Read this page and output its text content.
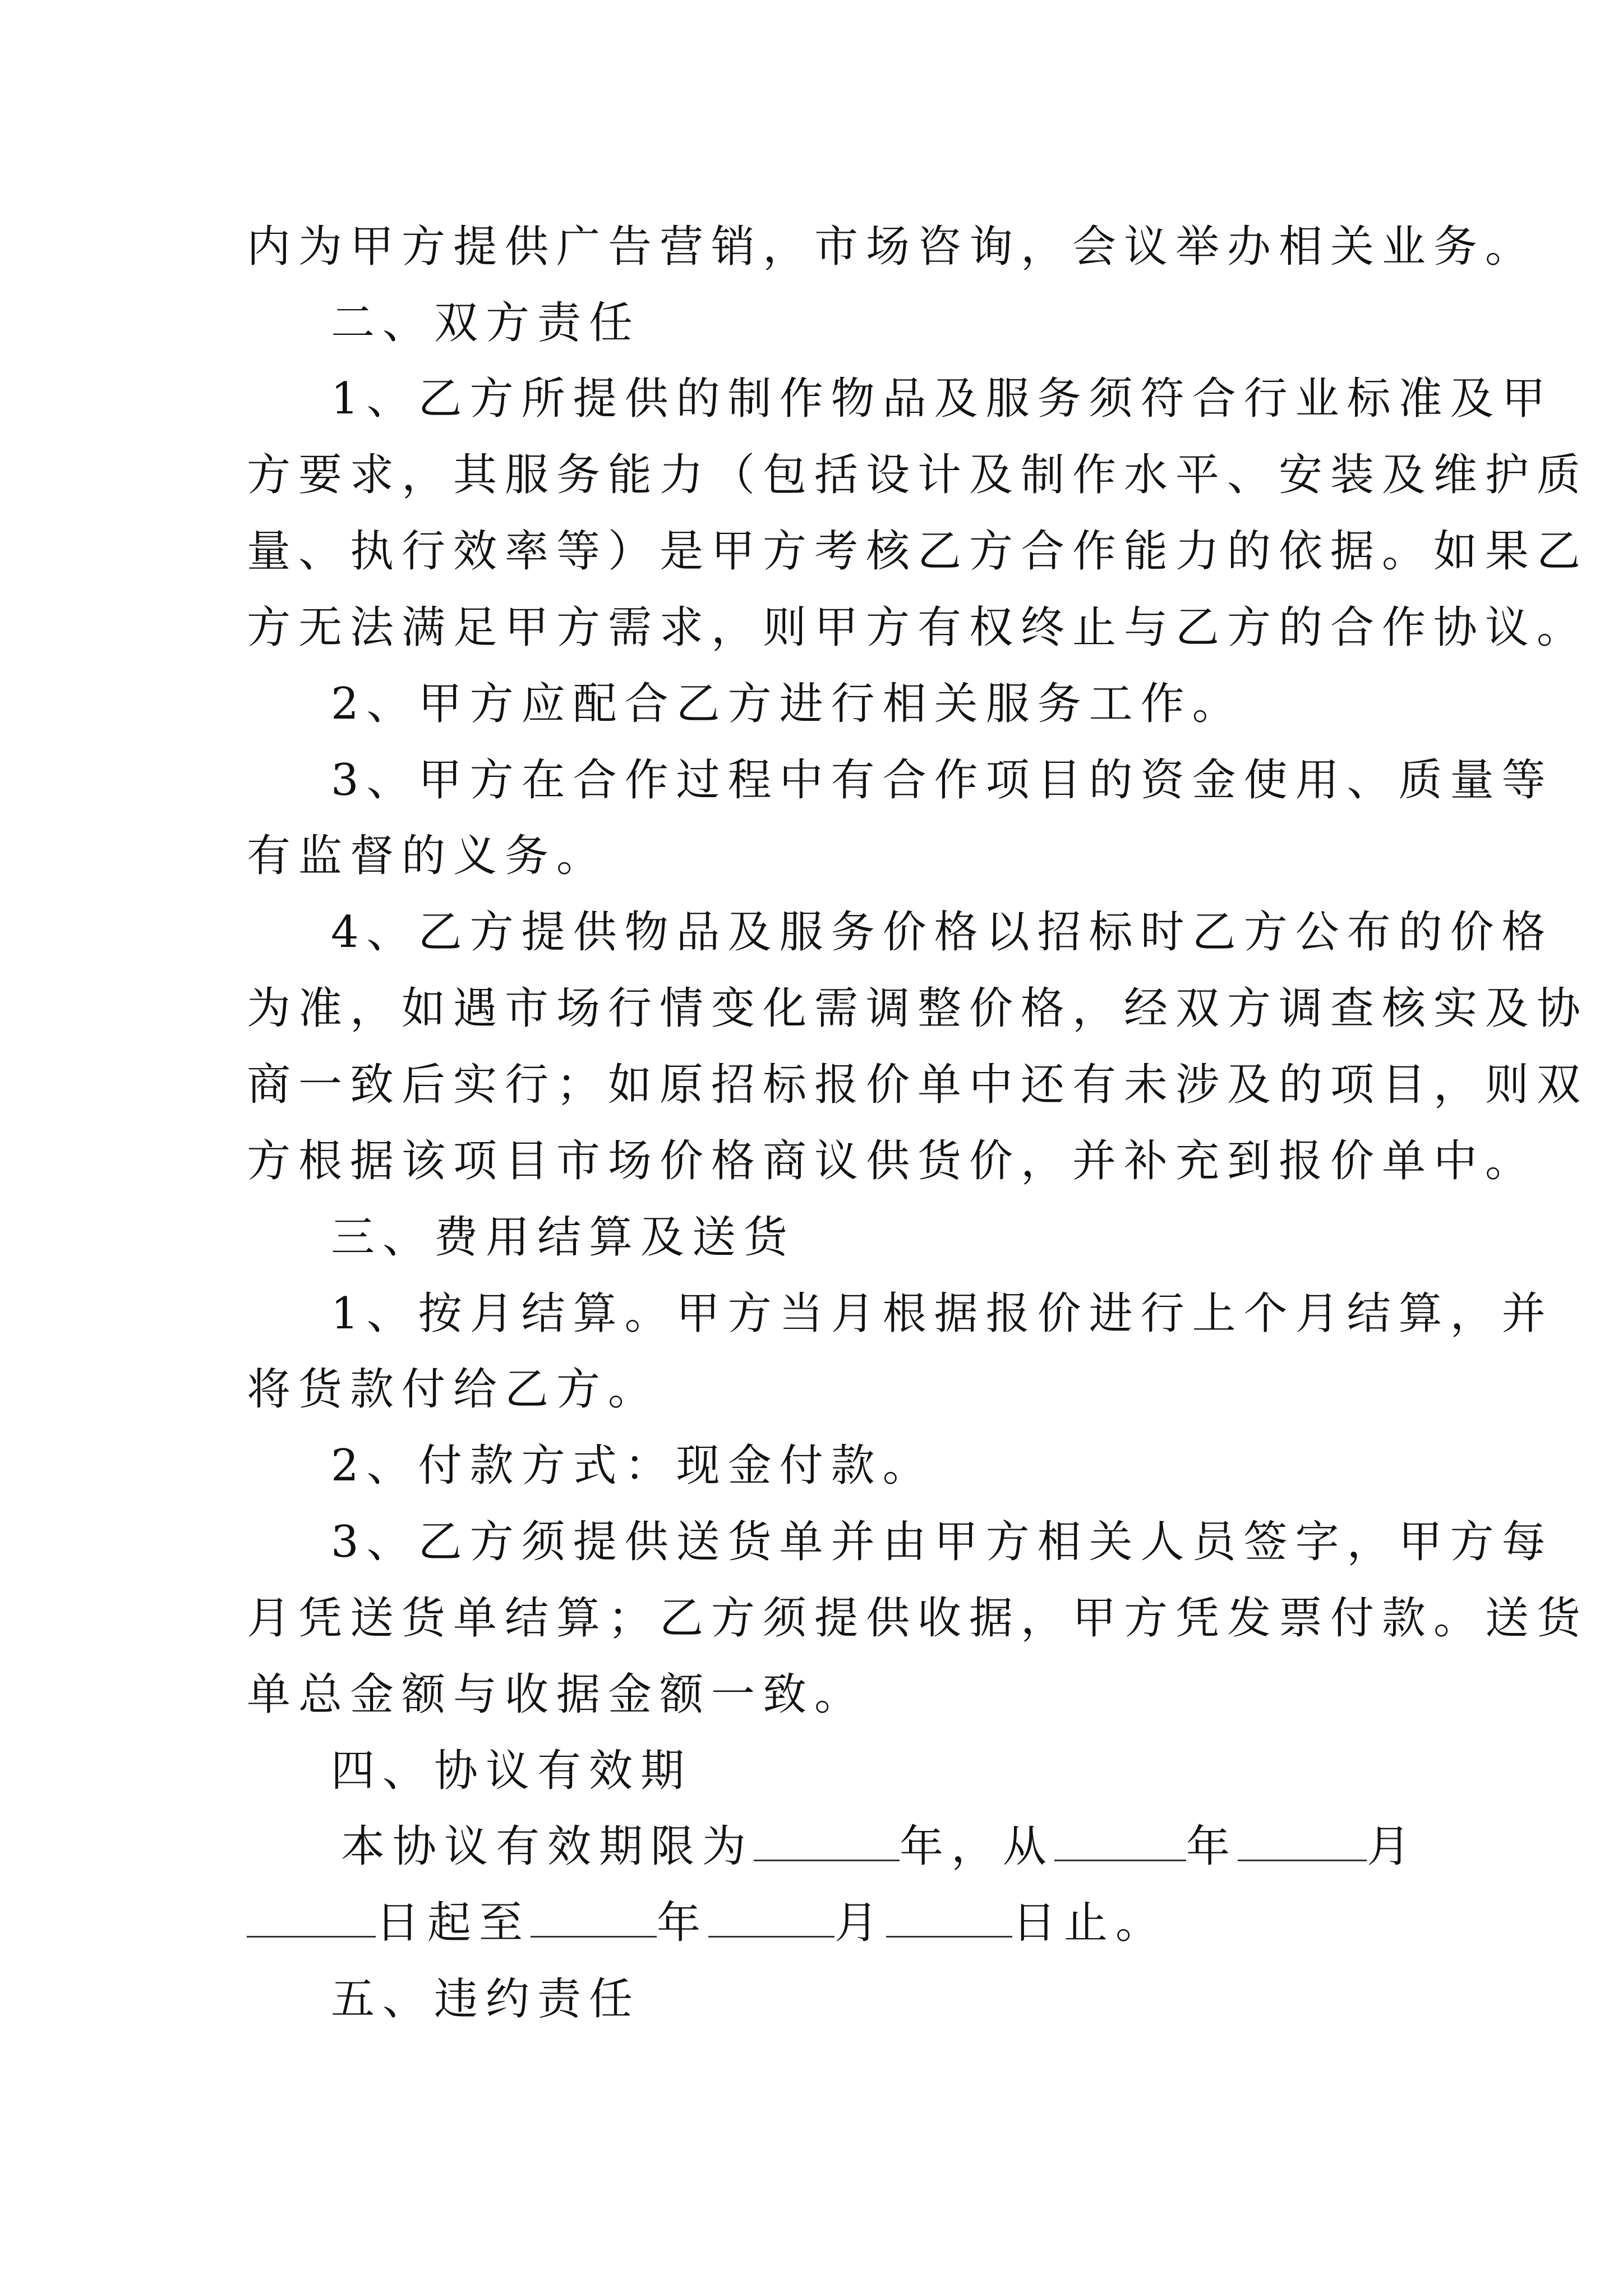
内为甲方提供广告营销，市场咨询，会议举办相关业务。
二、双方责任
1、乙方所提供的制作物品及服务须符合行业标准及甲
方要求，其服务能力（包括设计及制作水平、安装及维护质
量、执行效率等）是甲方考核乙方合作能力的依据。如果乙
方无法满足甲方需求，则甲方有权终止与乙方的合作协议。
2、甲方应配合乙方进行相关服务工作。
3、甲方在合作过程中有合作项目的资金使用、质量等
有监督的义务。
4、乙方提供物品及服务价格以招标时乙方公布的价格
为准，如遇市场行情变化需调整价格，经双方调查核实及协
商一致后实行；如原招标报价单中还有未涉及的项目，则双
方根据该项目市场价格商议供货价，并补充到报价单中。
三、费用结算及送货
1、按月结算。甲方当月根据报价进行上个月结算，并
将货款付给乙方。
2、付款方式：现金付款。
3、乙方须提供送货单并由甲方相关人员签字，甲方每
月凭送货单结算；乙方须提供收据，甲方凭发票付款。送货
单总金额与收据金额一致。
四、协议有效期
本协议有效期限为	年，从	年	月
日起至	年	月	日止。
五、违约责任
